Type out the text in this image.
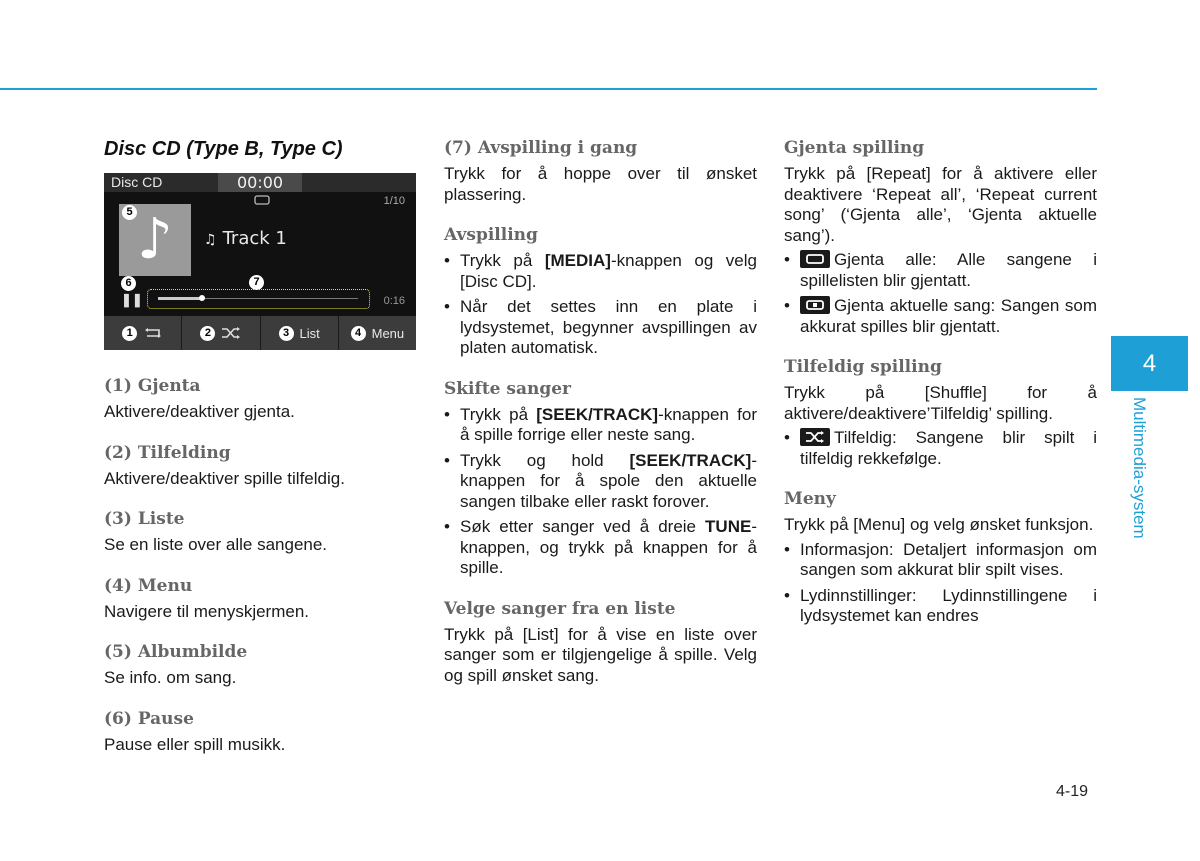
Disc CD (Type B, Type C)
Disc CD	00:00
1/10
♪
5
♫ Track 1
6	7
❚❚	0:16
1	2	3 List	4 Menu
(1) Gjenta

Aktivere/deaktiver gjenta.

(2) Tilfelding

Aktivere/deaktiver spille tilfeldig.

(3) Liste

Se en liste over alle sangene.

(4) Menu

Navigere til menyskjermen.

(5) Albumbilde

Se info. om sang.

(6) Pause

Pause eller spill musikk.

(7) Avspilling i gang

Trykk for å hoppe over til ønsket plassering.

Avspilling
• Trykk på [MEDIA]-knappen og velg [Disc CD].
• Når det settes inn en plate i lydsystemet, begynner avspillingen av platen automatisk.
Skifte sanger
• Trykk på [SEEK/TRACK]-knappen for å spille forrige eller neste sang.
• Trykk og hold [SEEK/TRACK]-knappen for å spole den aktuelle sangen tilbake eller raskt forover.
• Søk etter sanger ved å dreie TUNE-knappen, og trykk på knappen for å spille.
Velge sanger fra en liste

Trykk på [List] for å vise en liste over sanger som er tilgjengelige å spille. Velg og spill ønsket sang.

Gjenta spilling

Trykk på [Repeat] for å aktivere eller deaktivere ‘Repeat all’, ‘Repeat current song’ (‘Gjenta alle’, ‘Gjenta aktuelle sang’).

• Gjenta alle: Alle sangene i spillelisten blir gjentatt.
• Gjenta aktuelle sang: Sangen som akkurat spilles blir gjentatt.
Tilfeldig spilling

Trykk på [Shuffle] for å aktivere/deaktivere’Tilfeldig’ spilling.

• Tilfeldig: Sangene blir spilt i tilfeldig rekkefølge.
Meny

Trykk på [Menu] og velg ønsket funksjon.

• Informasjon: Detaljert informasjon om sangen som akkurat blir spilt vises.
• Lydinnstillinger: Lydinnstillingene i lydsystemet kan endres
4
Multimedia-system
4-19
